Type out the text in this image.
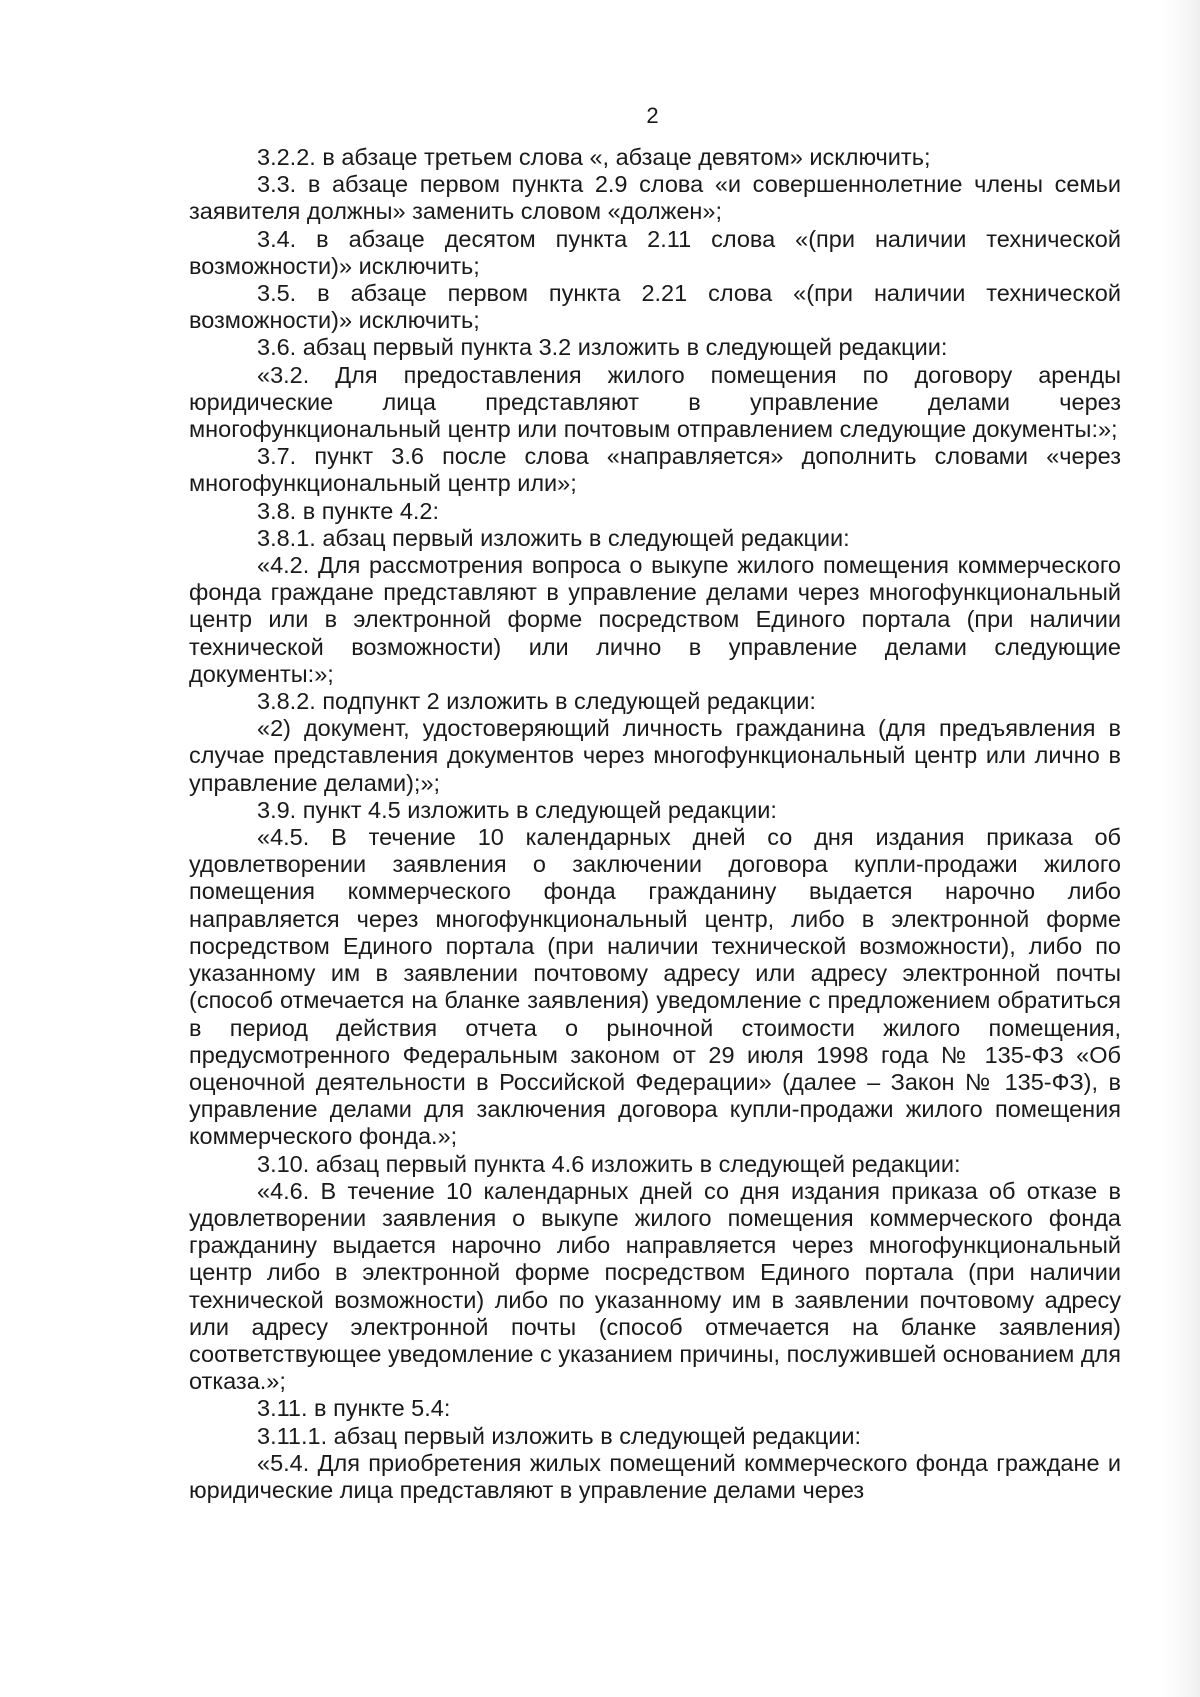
2

3.2.2. в абзаце третьем слова «, абзаце девятом» исключить;

3.3. в абзаце первом пункта 2.9 слова «и совершеннолетние члены семьи заявителя должны» заменить словом «должен»;

3.4. в абзаце десятом пункта 2.11 слова «(при наличии технической возможности)» исключить;

3.5. в абзаце первом пункта 2.21 слова «(при наличии технической возможности)» исключить;

3.6. абзац первый пункта 3.2 изложить в следующей редакции:

«3.2. Для предоставления жилого помещения по договору аренды юридические лица представляют в управление делами через многофункциональный центр или почтовым отправлением следующие документы:»;

3.7. пункт 3.6 после слова «направляется» дополнить словами «через многофункциональный центр или»;

3.8. в пункте 4.2:

3.8.1. абзац первый изложить в следующей редакции:

«4.2. Для рассмотрения вопроса о выкупе жилого помещения коммерческого фонда граждане представляют в управление делами через многофункциональный центр или в электронной форме посредством Единого портала (при наличии технической возможности) или лично в управление делами следующие документы:»;

3.8.2. подпункт 2 изложить в следующей редакции:

«2) документ, удостоверяющий личность гражданина (для предъявления в случае представления документов через многофункциональный центр или лично в управление делами);»;

3.9. пункт 4.5 изложить в следующей редакции:

«4.5. В течение 10 календарных дней со дня издания приказа об удовлетворении заявления о заключении договора купли-продажи жилого помещения коммерческого фонда гражданину выдается нарочно либо направляется через многофункциональный центр, либо в электронной форме посредством Единого портала (при наличии технической возможности), либо по указанному им в заявлении почтовому адресу или адресу электронной почты (способ отмечается на бланке заявления) уведомление с предложением обратиться в период действия отчета о рыночной стоимости жилого помещения, предусмотренного Федеральным законом от 29 июля 1998 года № 135-ФЗ «Об оценочной деятельности в Российской Федерации» (далее – Закон № 135-ФЗ), в управление делами для заключения договора купли-продажи жилого помещения коммерческого фонда.»;

3.10. абзац первый пункта 4.6 изложить в следующей редакции:

«4.6. В течение 10 календарных дней со дня издания приказа об отказе в удовлетворении заявления о выкупе жилого помещения коммерческого фонда гражданину выдается нарочно либо направляется через многофункциональный центр либо в электронной форме посредством Единого портала (при наличии технической возможности) либо по указанному им в заявлении почтовому адресу или адресу электронной почты (способ отмечается на бланке заявления) соответствующее уведомление с указанием причины, послужившей основанием для отказа.»;

3.11. в пункте 5.4:

3.11.1. абзац первый изложить в следующей редакции:

«5.4. Для приобретения жилых помещений коммерческого фонда граждане и юридические лица представляют в управление делами через
